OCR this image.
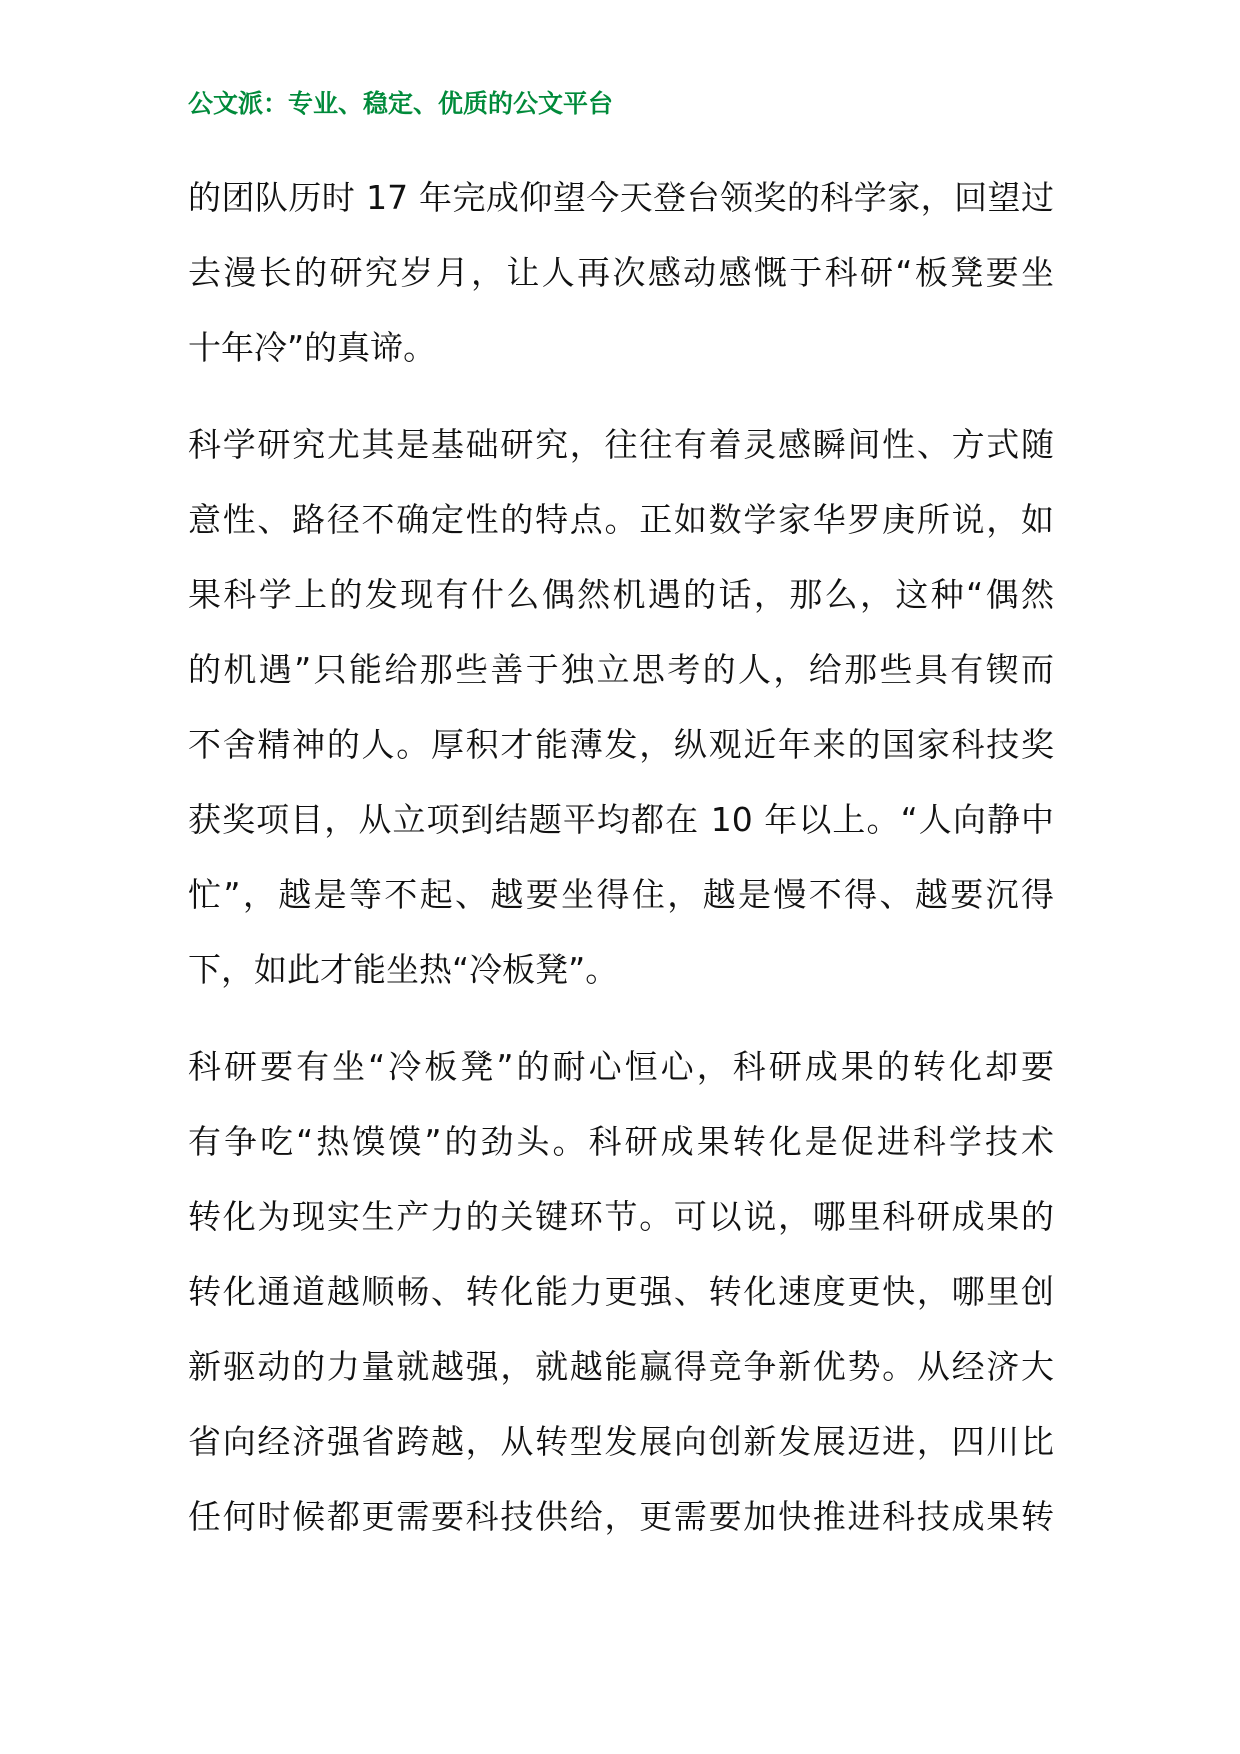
公文派：专业、稳定、优质的公文平台
的团队历时 17 年完成仰望今天登台领奖的科学家，回望过
去漫长的研究岁月，让人再次感动感慨于科研“板凳要坐
十年冷”的真谛。
科学研究尤其是基础研究，往往有着灵感瞬间性、方式随
意性、路径不确定性的特点。正如数学家华罗庚所说，如
果科学上的发现有什么偶然机遇的话，那么，这种“偶然
的机遇”只能给那些善于独立思考的人，给那些具有锲而
不舍精神的人。厚积才能薄发，纵观近年来的国家科技奖
获奖项目，从立项到结题平均都在 10 年以上。“人向静中
忙”，越是等不起、越要坐得住，越是慢不得、越要沉得
下，如此才能坐热“冷板凳”。
科研要有坐“冷板凳”的耐心恒心，科研成果的转化却要
有争吃“热馍馍”的劲头。科研成果转化是促进科学技术
转化为现实生产力的关键环节。可以说，哪里科研成果的
转化通道越顺畅、转化能力更强、转化速度更快，哪里创
新驱动的力量就越强，就越能赢得竞争新优势。从经济大
省向经济强省跨越，从转型发展向创新发展迈进，四川比
任何时候都更需要科技供给，更需要加快推进科技成果转
